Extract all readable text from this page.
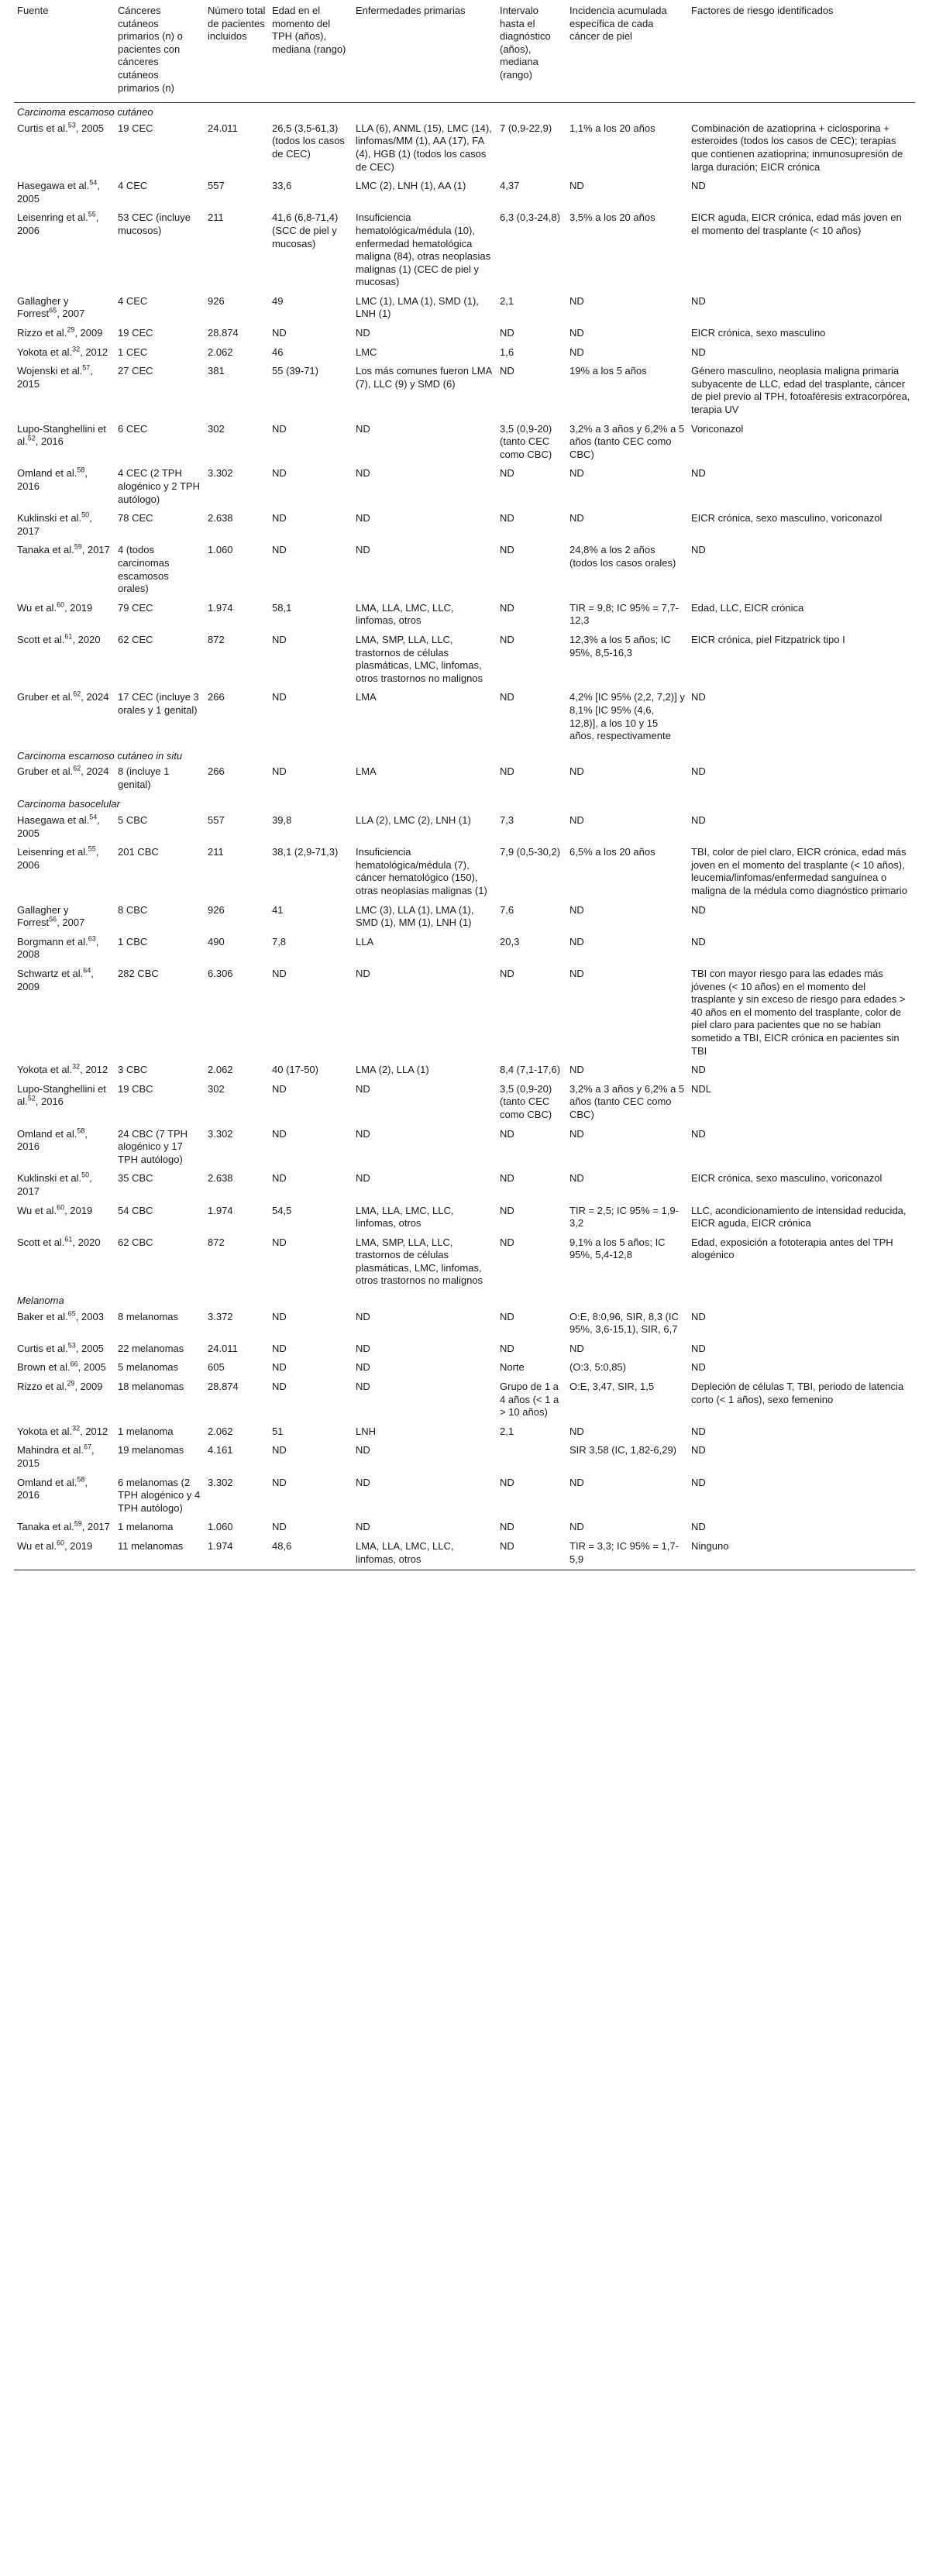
Fuente	Cánceres cutáneos primarios (n) o pacientes con cánceres cutáneos primarios (n)	Número total de pacientes incluidos	Edad en el momento del TPH (años), mediana (rango)	Enfermedades primarias	Intervalo hasta el diagnóstico (años), mediana (rango)	Incidencia acumulada específica de cada cáncer de piel	Factores de riesgo identificados
Carcinoma escamoso cutáneo							
Curtis et al.$^{53}$, 2005	19 CEC	24.011	26,5 (3,5-61,3) (todos los casos de CEC)	LLA (6), ANML (15), LMC (14), linfomas/MM (1), AA (17), FA (4), HGB (1) (todos los casos de CEC)	7 (0,9-22,9)	1,1% a los 20 años	Combinación de azatioprina + ciclosporina + esteroides (todos los casos de CEC); terapias que contienen azatioprina; inmunosupresión de larga duración; EICR crónica
Hasegawa et al.$^{54}$, 2005	4 CEC	557	33,6	LMC (2), LNH (1), AA (1)	4,37	ND	ND
Leisenring et al.$^{55}$, 2006	53 CEC (incluye mucosos)	211	41,6 (6,8-71,4) (SCC de piel y mucosas)	Insuficiencia hematológica/médula (10), enfermedad hematológica maligna (84), otras neoplasias malignas (1) (CEC de piel y mucosas)	6,3 (0,3-24,8)	3,5% a los 20 años	EICR aguda, EICR crónica, edad más joven en el momento del trasplante (< 10 años)
Gallagher y Forrest$^{65}$, 2007	4 CEC	926	49	LMC (1), LMA (1), SMD (1), LNH (1)	2,1	ND	ND
Rizzo et al.$^{29}$, 2009	19 CEC	28.874	ND	ND	ND	ND	EICR crónica, sexo masculino
Yokota et al.$^{32}$, 2012	1 CEC	2.062	46	LMC	1,6	ND	ND
Wojenski et al.$^{57}$, 2015	27 CEC	381	55 (39-71)	Los más comunes fueron LMA (7), LLC (9) y SMD (6)	ND	19% a los 5 años	Género masculino, neoplasia maligna primaria subyacente de LLC, edad del trasplante, cáncer de piel previo al TPH, fotoaféresis extracorpórea, terapia UV
Lupo-Stanghellini et al.$^{52}$, 2016	6 CEC	302	ND	ND	3,5 (0,9-20) (tanto CEC como CBC)	3,2% a 3 años y 6,2% a 5 años (tanto CEC como CBC)	Voriconazol
Omland et al.$^{58}$, 2016	4 CEC (2 TPH alogénico y 2 TPH autólogo)	3.302	ND	ND	ND	ND	ND
Kuklinski et al.$^{50}$, 2017	78 CEC	2.638	ND	ND	ND	ND	EICR crónica, sexo masculino, voriconazol
Tanaka et al.$^{59}$, 2017	4 (todos carcinomas escamosos orales)	1.060	ND	ND	ND	24,8% a los 2 años (todos los casos orales)	ND
Wu et al.$^{60}$, 2019	79 CEC	1.974	58,1	LMA, LLA, LMC, LLC, linfomas, otros	ND	TIR = 9,8; IC 95% = 7,7-12,3	Edad, LLC, EICR crónica
Scott et al.$^{61}$, 2020	62 CEC	872	ND	LMA, SMP, LLA, LLC, trastornos de células plasmáticas, LMC, linfomas, otros trastornos no malignos	ND	12,3% a los 5 años; IC 95%, 8,5-16,3	EICR crónica, piel Fitzpatrick tipo I
Gruber et al.$^{62}$, 2024	17 CEC (incluye 3 orales y 1 genital)	266	ND	LMA	ND	4,2% [IC 95% (2,2, 7,2)] y 8,1% [IC 95% (4,6, 12,8)], a los 10 y 15 años, respectivamente	ND
Carcinoma escamoso cutáneo in situ							
Gruber et al.$^{62}$, 2024	8 (incluye 1 genital)	266	ND	LMA	ND	ND	ND
Carcinoma basocelular							
Hasegawa et al.$^{54}$, 2005	5 CBC	557	39,8	LLA (2), LMC (2), LNH (1)	7,3	ND	ND
Leisenring et al.$^{55}$, 2006	201 CBC	211	38,1 (2,9-71,3)	Insuficiencia hematológica/médula (7), cáncer hematológico (150), otras neoplasias malignas (1)	7,9 (0,5-30,2)	6,5% a los 20 años	TBI, color de piel claro, EICR crónica, edad más joven en el momento del trasplante (< 10 años), leucemia/linfomas/enfermedad sanguínea o maligna de la médula como diagnóstico primario
Gallagher y Forrest$^{56}$, 2007	8 CBC	926	41	LMC (3), LLA (1), LMA (1), SMD (1), MM (1), LNH (1)	7,6	ND	ND
Borgmann et al.$^{63}$, 2008	1 CBC	490	7,8	LLA	20,3	ND	ND
Schwartz et al.$^{64}$, 2009	282 CBC	6.306	ND	ND	ND	ND	TBI con mayor riesgo para las edades más jóvenes (< 10 años) en el momento del trasplante y sin exceso de riesgo para edades > 40 años en el momento del trasplante, color de piel claro para pacientes que no se habían sometido a TBI, EICR crónica en pacientes sin TBI
Yokota et al.$^{32}$, 2012	3 CBC	2.062	40 (17-50)	LMA (2), LLA (1)	8,4 (7,1-17,6)	ND	ND
Lupo-Stanghellini et al.$^{52}$, 2016	19 CBC	302	ND	ND	3,5 (0,9-20) (tanto CEC como CBC)	3,2% a 3 años y 6,2% a 5 años (tanto CEC como CBC)	NDL
Omland et al.$^{58}$, 2016	24 CBC (7 TPH alogénico y 17 TPH autólogo)	3.302	ND	ND	ND	ND	ND
Kuklinski et al.$^{50}$, 2017	35 CBC	2.638	ND	ND	ND	ND	EICR crónica, sexo masculino, voriconazol
Wu et al.$^{60}$, 2019	54 CBC	1.974	54,5	LMA, LLA, LMC, LLC, linfomas, otros	ND	TIR = 2,5; IC 95% = 1,9-3,2	LLC, acondicionamiento de intensidad reducida, EICR aguda, EICR crónica
Scott et al.$^{61}$, 2020	62 CBC	872	ND	LMA, SMP, LLA, LLC, trastornos de células plasmáticas, LMC, linfomas, otros trastornos no malignos	ND	9,1% a los 5 años; IC 95%, 5,4-12,8	Edad, exposición a fototerapia antes del TPH alogénico
Melanoma							
Baker et al.$^{65}$, 2003	8 melanomas	3.372	ND	ND	ND	O:E, 8:0,96, SIR, 8,3 (IC 95%, 3,6-15,1), SIR, 6,7	ND
Curtis et al.$^{53}$, 2005	22 melanomas	24.011	ND	ND	ND	ND	ND
Brown et al.$^{66}$, 2005	5 melanomas	605	ND	ND	Norte	(O:3, 5:0,85)	ND
Rizzo et al.$^{29}$, 2009	18 melanomas	28.874	ND	ND	Grupo de 1 a 4 años (< 1 a > 10 años)	O:E, 3,47, SIR, 1,5	Depleción de células T, TBI, periodo de latencia corto (< 1 años), sexo femenino
Yokota et al.$^{32}$, 2012	1 melanoma	2.062	51	LNH	2,1	ND	ND
Mahindra et al.$^{67}$, 2015	19 melanomas	4.161	ND	ND		SIR 3,58 (IC, 1,82-6,29)	ND
Omland et al.$^{58}$, 2016	6 melanomas (2 TPH alogénico y 4 TPH autólogo)	3.302	ND	ND	ND	ND	ND
Tanaka et al.$^{59}$, 2017	1 melanoma	1.060	ND	ND	ND	ND	ND
Wu et al.$^{60}$, 2019	11 melanomas	1.974	48,6	LMA, LLA, LMC, LLC, linfomas, otros	ND	TIR = 3,3; IC 95% = 1,7-5,9	Ninguno
